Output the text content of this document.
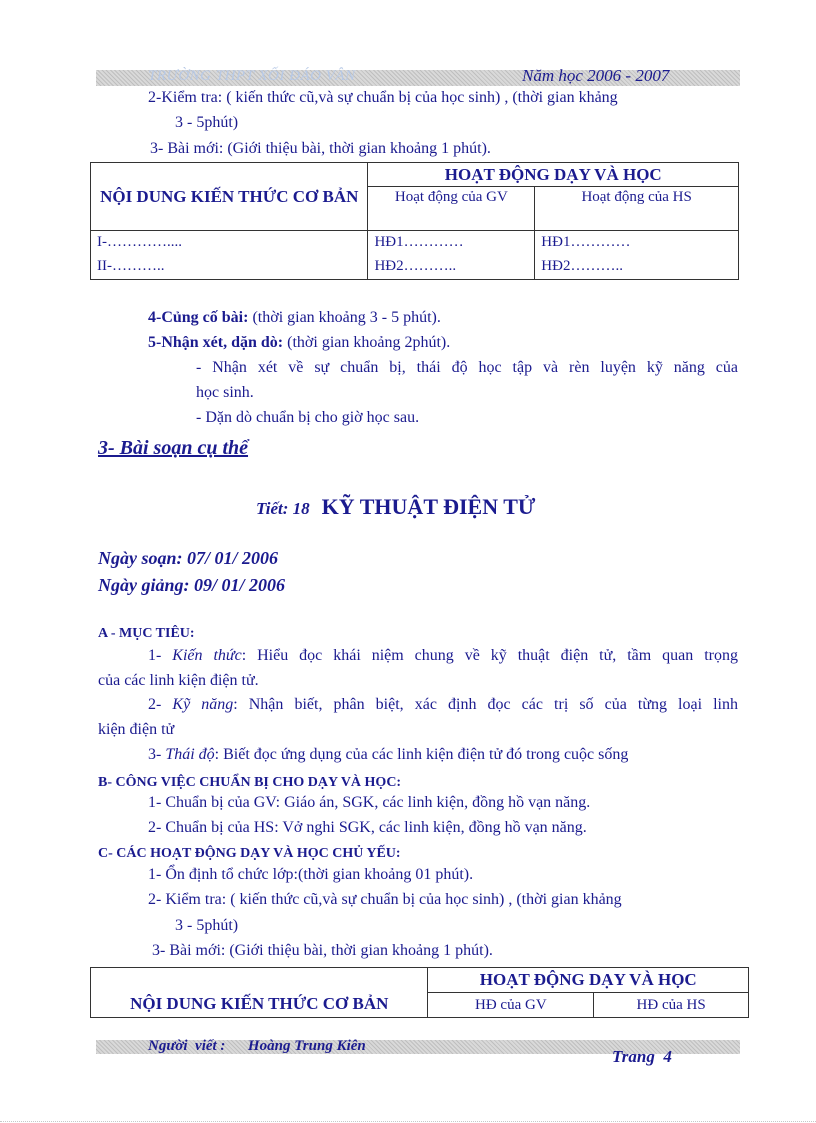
TRƯỜNG THPT XỐI ĐÁO VÂN	Năm học 2006 - 2007
2-Kiểm tra: ( kiến thức cũ,và sự chuẩn bị của học sinh) , (thời gian khảng
3 - 5phút)
3- Bài mới: (Giới thiệu bài, thời gian khoảng 1 phút).
NỘI DUNG KIẾN THỨC CƠ BẢN	HOẠT ĐỘNG DẠY VÀ HỌC	
	Hoạt động của GV	Hoạt động của HS
I-…………....	HĐ1…………	HĐ1…………
II-………..	HĐ2………..	HĐ2………..
4-Củng cố bài: (thời gian khoảng 3 - 5 phút).
5-Nhận xét, dặn dò: (thời gian khoảng 2phút).
- Nhận xét về sự chuẩn bị, thái độ học tập và rèn luyện kỹ năng của
học sinh.
- Dặn dò chuẩn bị cho giờ học sau.
3- Bài soạn cụ thể
Tiết: 18 KỸ THUẬT ĐIỆN TỬ
Ngày soạn: 07/ 01/ 2006
Ngày giảng: 09/ 01/ 2006
A - MỤC TIÊU:
1- Kiến thức: Hiểu đọc khái niệm chung về kỹ thuật điện tử, tầm quan trọng
của các linh kiện điện tử.
2- Kỹ năng: Nhận biết, phân biệt, xác định đọc các trị số của từng loại linh
kiện điện tử
3- Thái độ: Biết đọc ứng dụng của các linh kiện điện tử đó trong cuộc sống
B- CÔNG VIỆC CHUẨN BỊ CHO DẠY VÀ HỌC:
1- Chuẩn bị của GV: Giáo án, SGK, các linh kiện, đồng hồ vạn năng.
2- Chuẩn bị của HS: Vở nghi SGK, các linh kiện, đồng hồ vạn năng.
C- CÁC HOẠT ĐỘNG DẠY VÀ HỌC CHỦ YẾU:
1- Ổn định tổ chức lớp:(thời gian khoảng 01 phút).
2- Kiểm tra: ( kiến thức cũ,và sự chuẩn bị của học sinh) , (thời gian khảng
3 - 5phút)
3- Bài mới: (Giới thiệu bài, thời gian khoảng 1 phút).
NỘI DUNG KIẾN THỨC CƠ BẢN	HOẠT ĐỘNG DẠY VÀ HỌC	
	HĐ của GV	HĐ của HS
Người  viết :      Hoàng Trung Kiên
Trang  4
